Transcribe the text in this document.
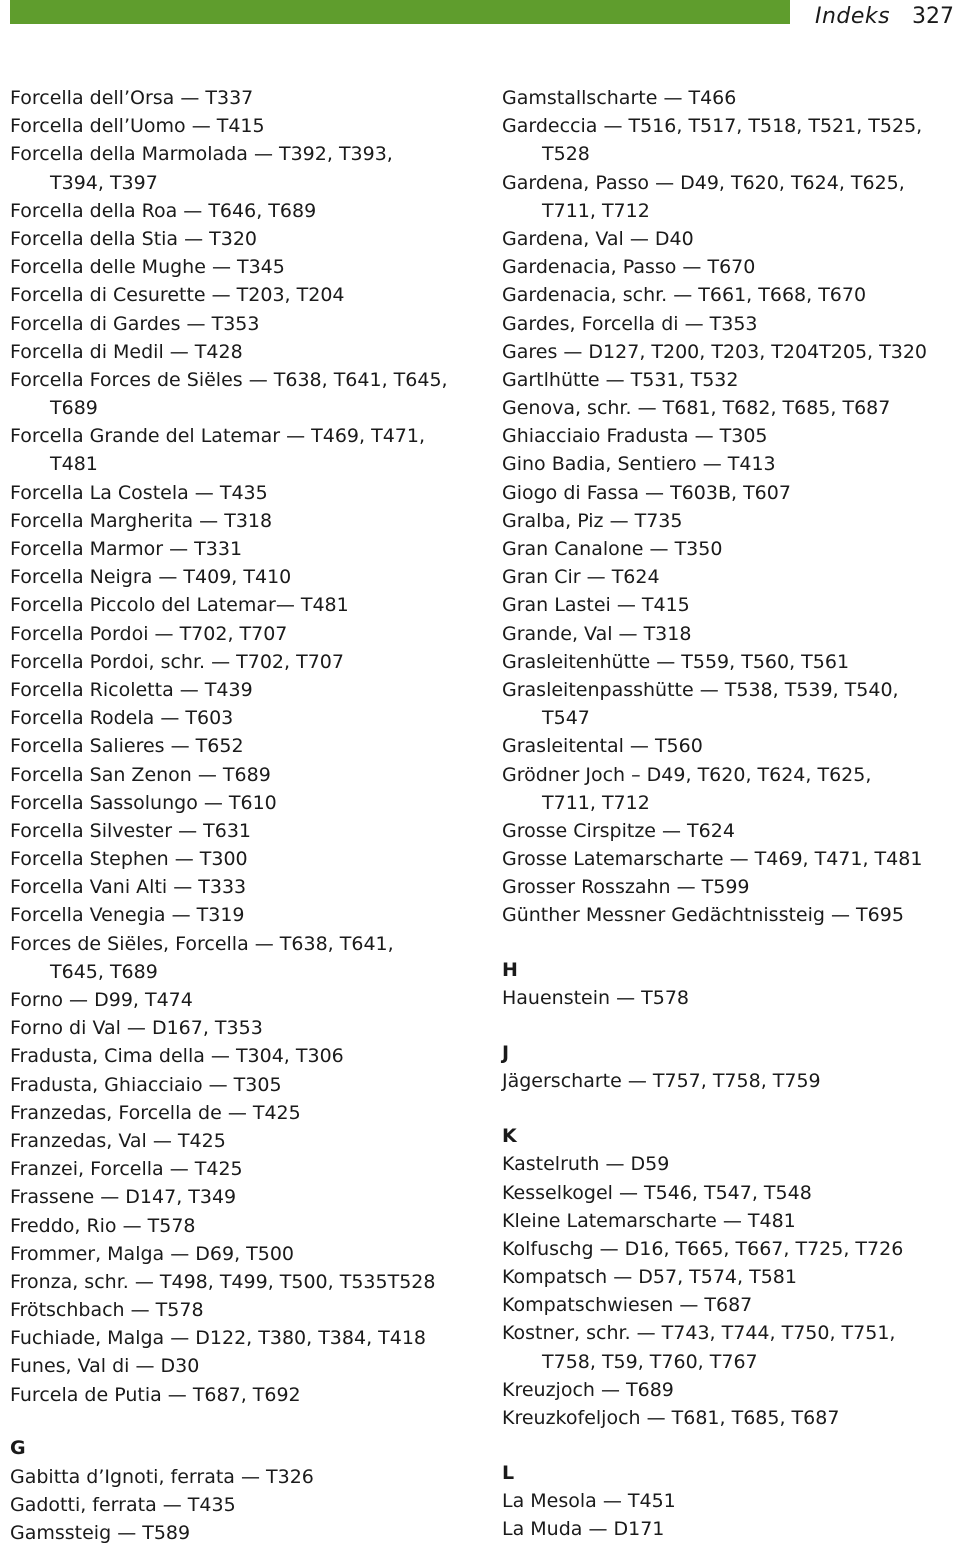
Indeks 327
Forcella dell’Orsa — T337
Forcella dell’Uomo — T415
Forcella della Marmolada — T392, T393,
T394, T397
Forcella della Roa — T646, T689
Forcella della Stia — T320
Forcella delle Mughe — T345
Forcella di Cesurette — T203, T204
Forcella di Gardes — T353
Forcella di Medil — T428
Forcella Forces de Siëles — T638, T641, T645,
T689
Forcella Grande del Latemar — T469, T471,
T481
Forcella La Costela — T435
Forcella Margherita — T318
Forcella Marmor — T331
Forcella Neigra — T409, T410
Forcella Piccolo del Latemar— T481
Forcella Pordoi — T702, T707
Forcella Pordoi, schr. — T702, T707
Forcella Ricoletta — T439
Forcella Rodela — T603
Forcella Salieres — T652
Forcella San Zenon — T689
Forcella Sassolungo — T610
Forcella Silvester — T631
Forcella Stephen — T300
Forcella Vani Alti — T333
Forcella Venegia — T319
Forces de Siëles, Forcella — T638, T641,
T645, T689
Forno — D99, T474
Forno di Val — D167, T353
Fradusta, Cima della — T304, T306
Fradusta, Ghiacciaio — T305
Franzedas, Forcella de — T425
Franzedas, Val — T425
Franzei, Forcella — T425
Frassene — D147, T349
Freddo, Rio — T578
Frommer, Malga — D69, T500
Fronza, schr. — T498, T499, T500, T535T528
Frötschbach — T578
Fuchiade, Malga — D122, T380, T384, T418
Funes, Val di — D30
Furcela de Putia — T687, T692
G
Gabitta d’Ignoti, ferrata — T326
Gadotti, ferrata — T435
Gamssteig — T589
Gamstallscharte — T466
Gardeccia — T516, T517, T518, T521, T525,
T528
Gardena, Passo — D49, T620, T624, T625,
T711, T712
Gardena, Val — D40
Gardenacia, Passo — T670
Gardenacia, schr. — T661, T668, T670
Gardes, Forcella di — T353
Gares — D127, T200, T203, T204T205, T320
Gartlhütte — T531, T532
Genova, schr. — T681, T682, T685, T687
Ghiacciaio Fradusta — T305
Gino Badia, Sentiero — T413
Giogo di Fassa — T603B, T607
Gralba, Piz — T735
Gran Canalone — T350
Gran Cir — T624
Gran Lastei — T415
Grande, Val — T318
Grasleitenhütte — T559, T560, T561
Grasleitenpasshütte — T538, T539, T540,
T547
Grasleitental — T560
Grödner Joch – D49, T620, T624, T625,
T711, T712
Grosse Cirspitze — T624
Grosse Latemarscharte — T469, T471, T481
Grosser Rosszahn — T599
Günther Messner Gedächtnissteig — T695
H
Hauenstein — T578
J
Jägerscharte — T757, T758, T759
K
Kastelruth — D59
Kesselkogel — T546, T547, T548
Kleine Latemarscharte — T481
Kolfuschg — D16, T665, T667, T725, T726
Kompatsch — D57, T574, T581
Kompatschwiesen — T687
Kostner, schr. — T743, T744, T750, T751,
T758, T59, T760, T767
Kreuzjoch — T689
Kreuzkofeljoch — T681, T685, T687
L
La Mesola — T451
La Muda — D171
